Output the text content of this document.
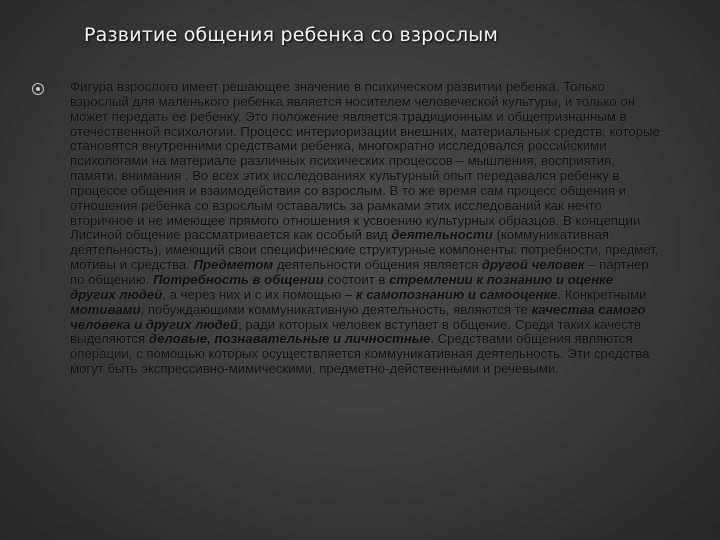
Развитие общения ребенка со взрослым
Фигура взрослого имеет решающее значение в психическом развитии ребенка. Только взрослый для маленького ребенка является носителем человеческой культуры, и только он может передать ее ребенку. Это положение является традиционным и общепризнанным в отечественной психологии. Процесс интериоризации внешних, материальных средств, которые становятся внутренними средствами ребенка, многократно исследовался российскими психологами на материале различных психических процессов – мышления, восприятия, памяти, внимания . Во всех этих исследованиях культурный опыт передавался ребенку в процессе общения и взаимодействия со взрослым. В то же время сам процесс общения и отношения ребенка со взрослым оставались за рамками этих исследований как нечто вторичное и не имеющее прямого отношения к усвоению культурных образцов. В концепции Лисиной общение рассматривается как особый вид деятельности (коммуникативная деятельность), имеющий свои специфические структурные компоненты: потребности, предмет, мотивы и средства. Предметом деятельности общения является другой человек – партнер по общению. Потребность в общении состоит в стремлении к познанию и оценке других людей, а через них и с их помощью – к самопознанию и самооценке. Конкретными мотивами, побуждающими коммуникативную деятельность, являются те качества самого человека и других людей, ради которых человек вступает в общение. Среди таких качеств выделяются деловые, познавательные и личностные. Средствами общения являются операции, с помощью которых осуществляется коммуникативная деятельность. Эти средства могут быть экспрессивно-мимическими, предметно-действенными и речевыми.
